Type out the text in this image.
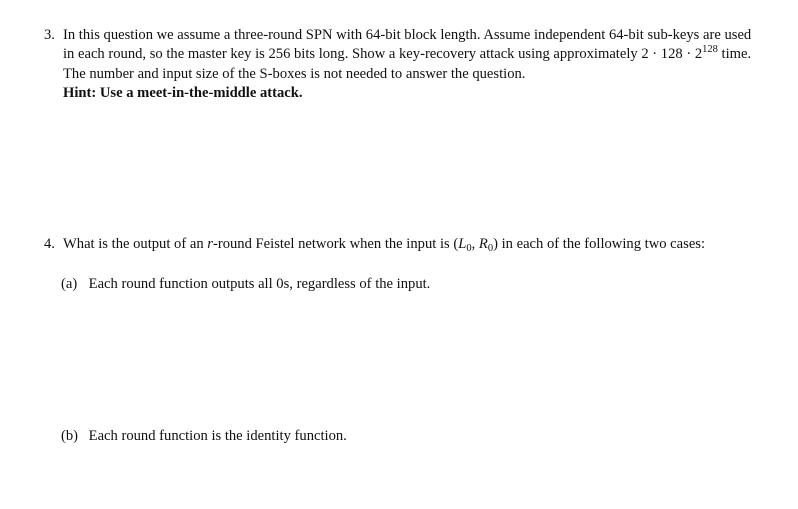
3. In this question we assume a three-round SPN with 64-bit block length. Assume independent 64-bit sub-keys are used in each round, so the master key is 256 bits long. Show a key-recovery attack using approximately $2 \cdot 128 \cdot 2^{128}$ time. The number and input size of the S-boxes is not needed to answer the question.
Hint: Use a meet-in-the-middle attack.
4. What is the output of an r-round Feistel network when the input is ($L_0$, $R_0$) in each of the following two cases:
(a) Each round function outputs all 0s, regardless of the input.
(b) Each round function is the identity function.
